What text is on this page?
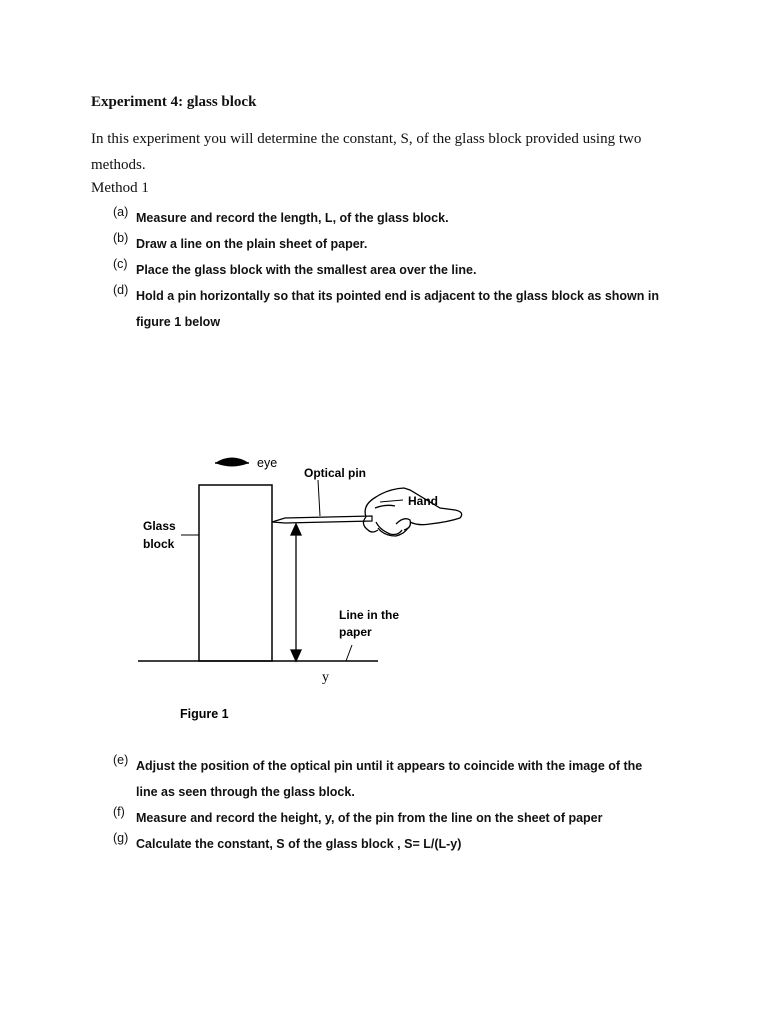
Experiment 4: glass block
In this experiment you will determine the constant, S, of the glass block provided using two methods.
Method 1
(a) Measure and record the length, L, of the glass block.
(b) Draw a line on the plain sheet of paper.
(c) Place the glass block with the smallest area over the line.
(d) Hold a pin horizontally so that its pointed end is adjacent to the glass block as shown in figure 1 below
eye
Optical pin
Hand
Glass
block
Line in the
paper
y
Figure 1
(e) Adjust the position of the optical pin until it appears to coincide with the image of the line as seen through the glass block.
(f) Measure and record the height, y, of the pin from the line on the sheet of paper
(g) Calculate the constant, S of the glass block , S= L/(L-y)
